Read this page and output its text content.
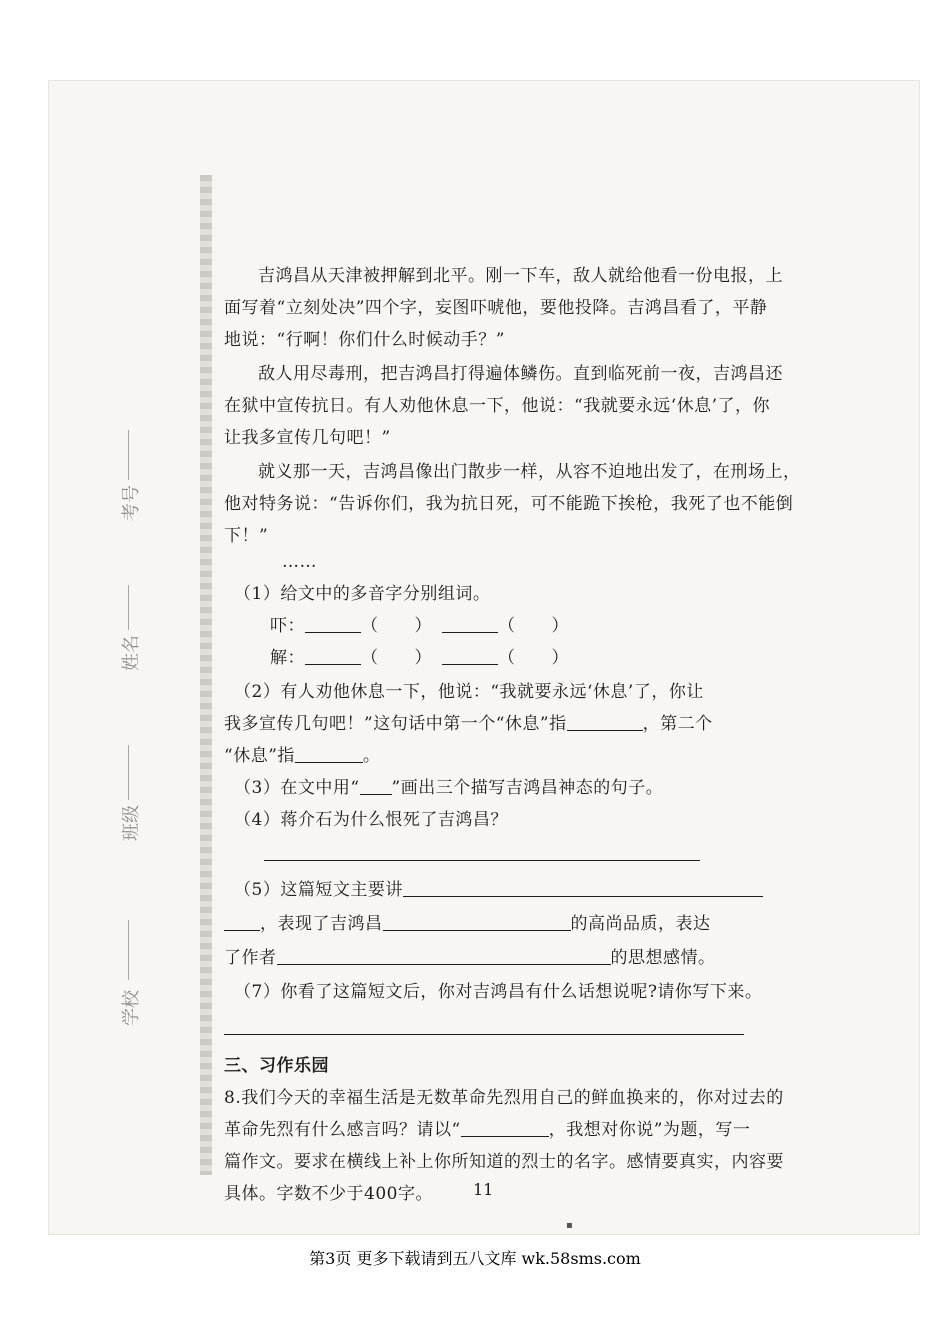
考号
姓名
班级
学校
吉鸿昌从天津被押解到北平。刚一下车，敌人就给他看一份电报，上
面写着“立刻处决”四个字，妄图吓唬他，要他投降。吉鸿昌看了，平静
地说：“行啊！你们什么时候动手？”
敌人用尽毒刑，把吉鸿昌打得遍体鳞伤。直到临死前一夜，吉鸿昌还
在狱中宣传抗日。有人劝他休息一下，他说：“我就要永远‘休息’了，你
让我多宣传几句吧！”
就义那一天，吉鸿昌像出门散步一样，从容不迫地出发了，在刑场上，
他对特务说：“告诉你们，我为抗日死，可不能跪下挨枪，我死了也不能倒
下！”
……
（1）给文中的多音字分别组词。
吓：	（ ）	（ ）
解：	（ ）	（ ）
（2）有人劝他休息一下，他说：“我就要永远‘休息’了，你让
我多宣传几句吧！”这句话中第一个“休息”指	，第二个
“休息”指	。
（3）在文中用“ ”画出三个描写吉鸿昌神态的句子。
（4）蒋介石为什么恨死了吉鸿昌？
（5）这篇短文主要讲
，表现了吉鸿昌	的高尚品质，表达
了作者	的思想感情。
（7）你看了这篇短文后，你对吉鸿昌有什么话想说呢?请你写下来。
三、习作乐园
8.我们今天的幸福生活是无数革命先烈用自己的鲜血换来的，你对过去的
革命先烈有什么感言吗？请以“	，我想对你说”为题，写一
篇作文。要求在横线上补上你所知道的烈士的名字。感情要真实，内容要
具体。字数不少于400字。	11
▪
第3页 更多下载请到五八文库 wk.58sms.com
